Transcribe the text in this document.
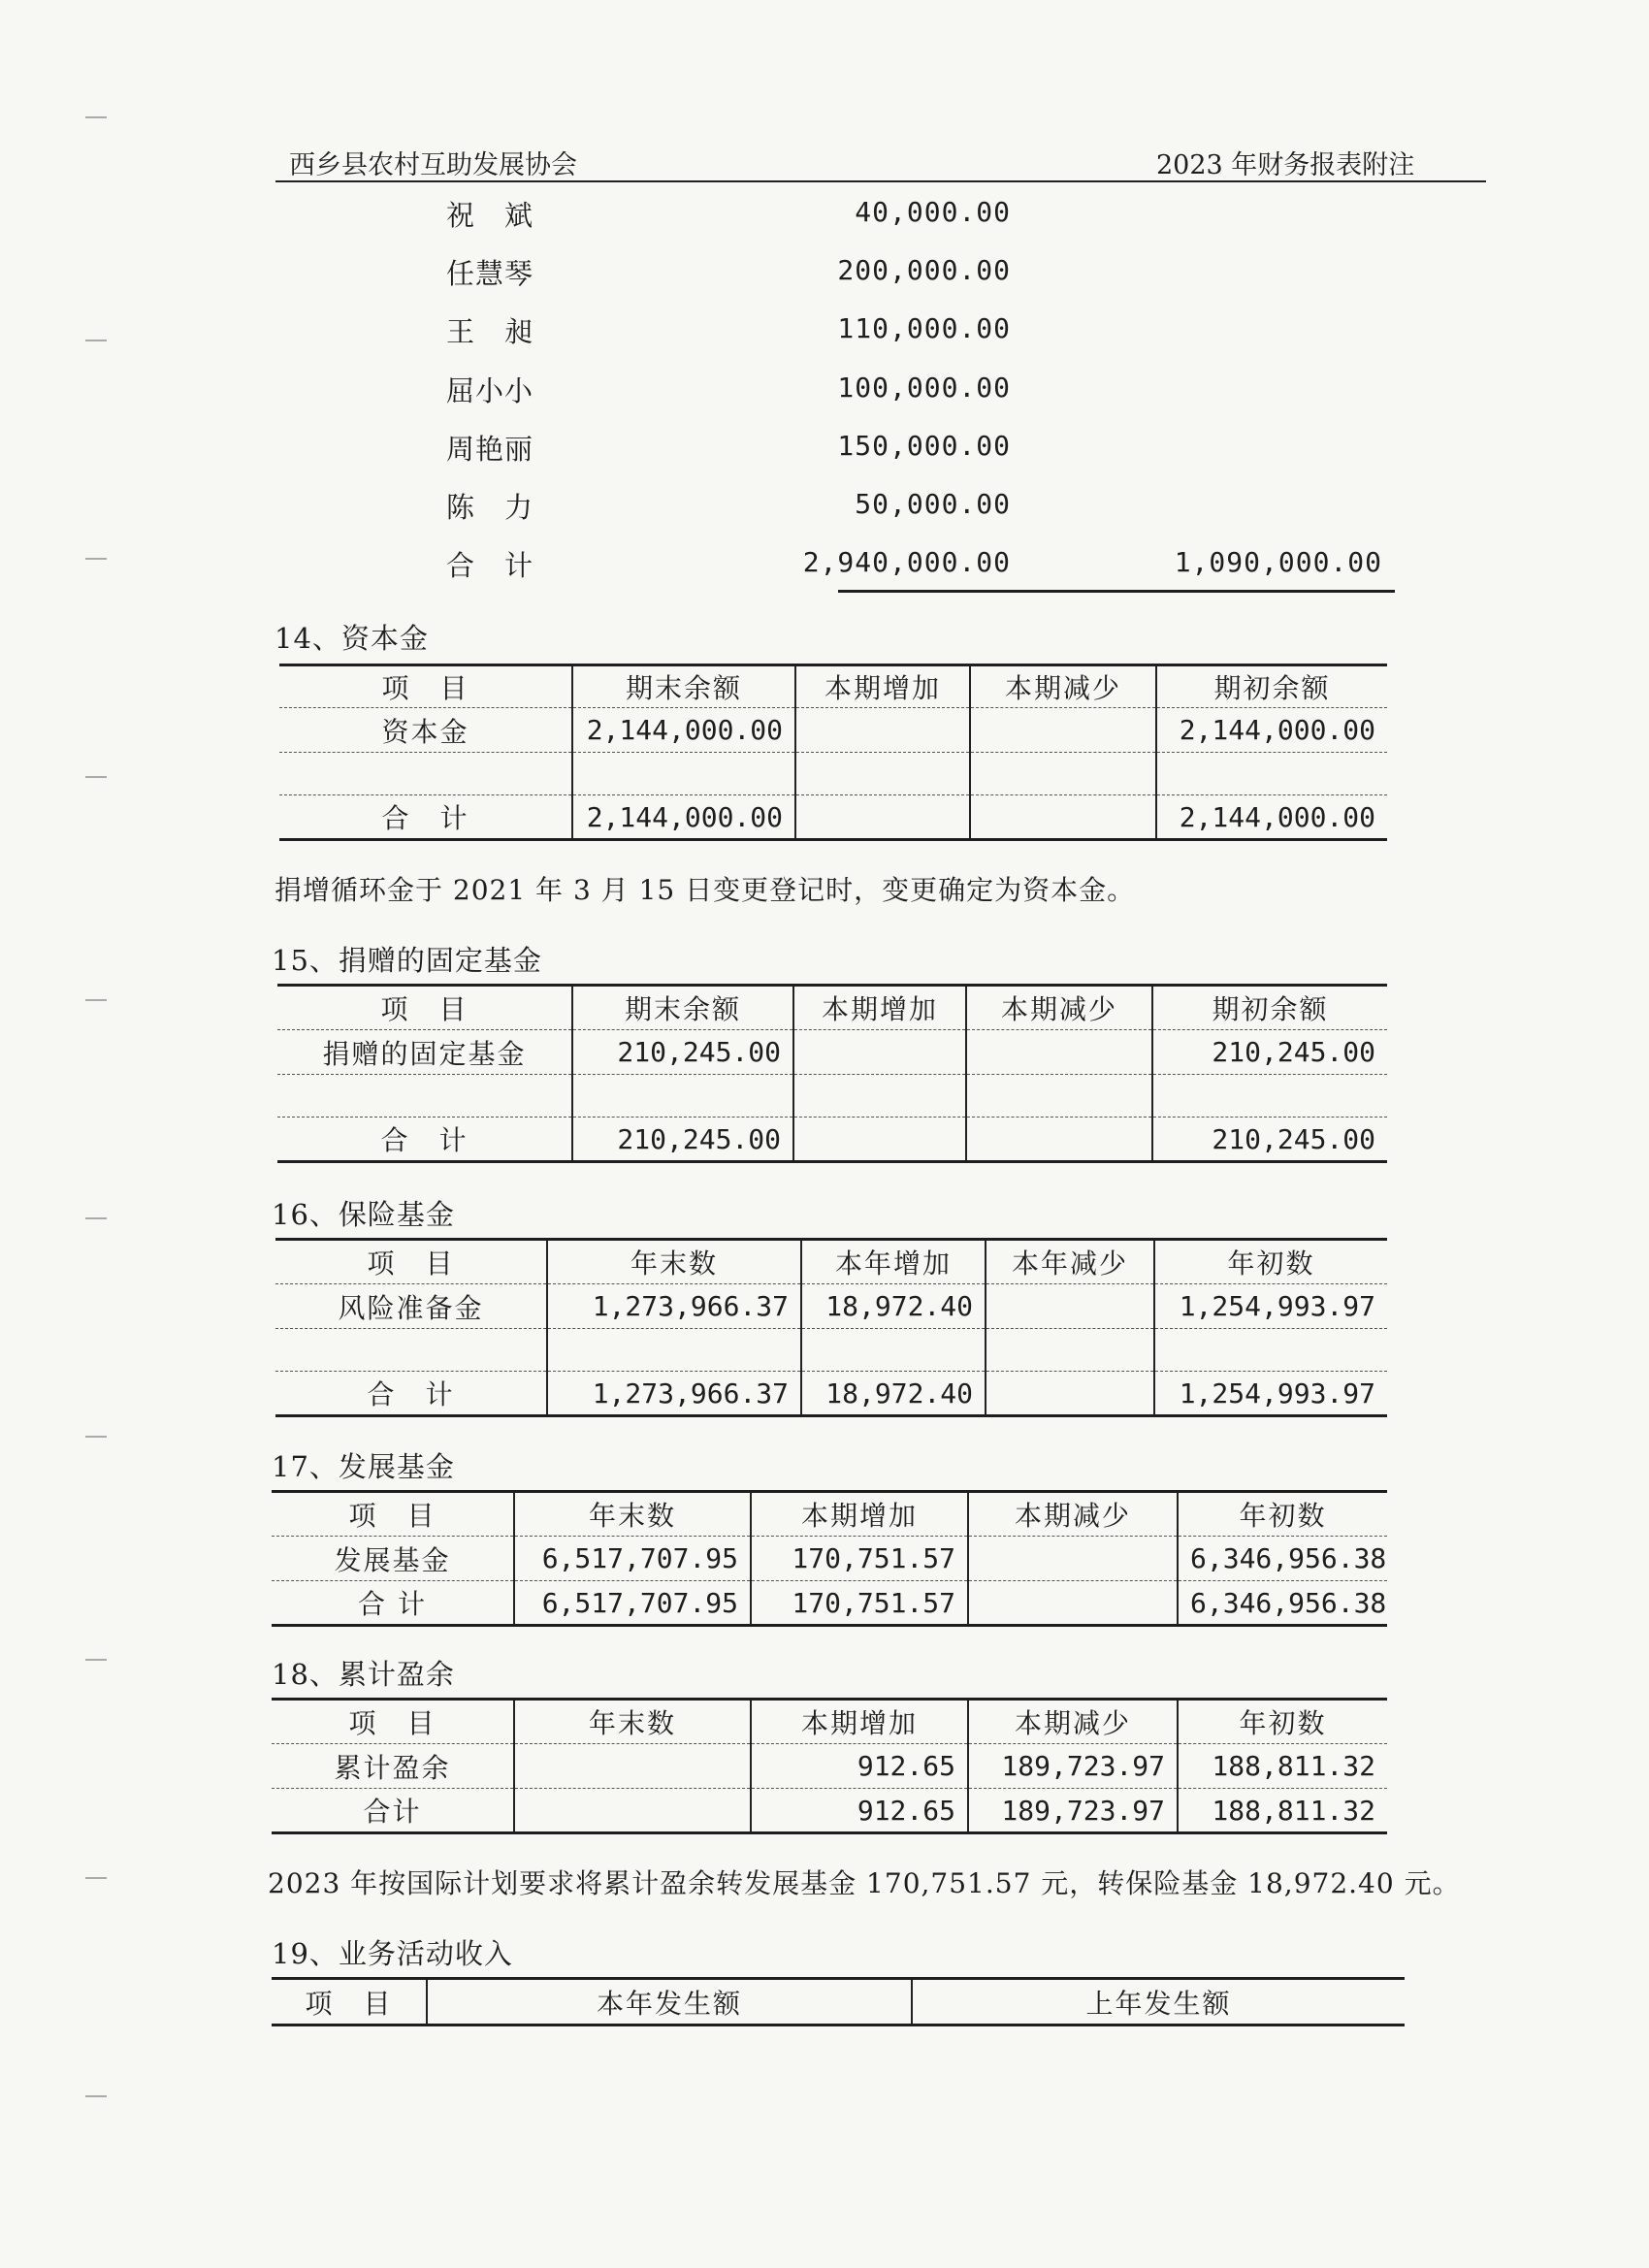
西乡县农村互助发展协会	2023 年财务报表附注
祝　斌	40,000.00
任慧琴	200,000.00
王　昶	110,000.00
屈小小	100,000.00
周艳丽	150,000.00
陈　力	50,000.00
合　计	2,940,000.00	1,090,000.00
14、资本金
项　目	期末余额	本期增加	本期减少	期初余额
资本金	2,144,000.00			2,144,000.00

合　计	2,144,000.00			2,144,000.00
捐增循环金于 2021 年 3 月 15 日变更登记时，变更确定为资本金。
15、捐赠的固定基金
项　目	期末余额	本期增加	本期减少	期初余额
捐赠的固定基金	210,245.00			210,245.00

合　计	210,245.00			210,245.00
16、保险基金
项　目	年末数	本年增加	本年减少	年初数
风险准备金	1,273,966.37	18,972.40		1,254,993.97

合　计	1,273,966.37	18,972.40		1,254,993.97
17、发展基金
项　目	年末数	本期增加	本期减少	年初数
发展基金	6,517,707.95	170,751.57		6,346,956.38
合 计	6,517,707.95	170,751.57		6,346,956.38
18、累计盈余
项　目	年末数	本期增加	本期减少	年初数
累计盈余		912.65	189,723.97	188,811.32
合计		912.65	189,723.97	188,811.32
2023 年按国际计划要求将累计盈余转发展基金 170,751.57 元，转保险基金 18,972.40 元。
19、业务活动收入
项　目	本年发生额	上年发生额
